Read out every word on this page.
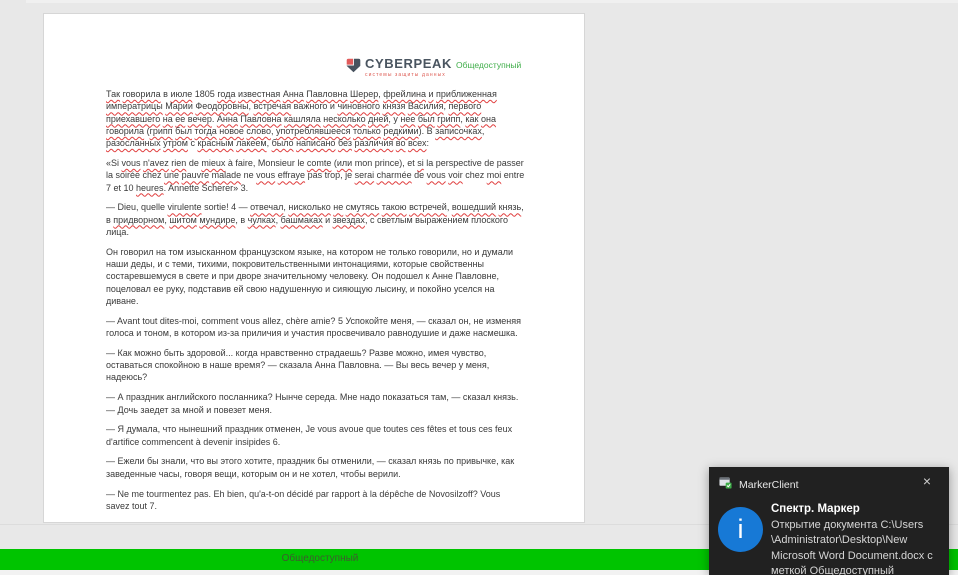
CYBERPEAK
системы защиты данных
Общедоступный

Так говорила в июле 1805 года известная Анна Павловна Шерер, фрейлина и приближенная императрицы Марии Феодоровны, встречая важного и чиновного князя Василия, первого приехавшего на ее вечер. Анна Павловна кашляла несколько дней, у нее был грипп, как она говорила (грипп был тогда новое слово, употреблявшееся только редкими). В записочках, разосланных утром с красным лакеем, было написано без различия во всех:

«Si vous n'avez rien de mieux à faire, Monsieur le comte (или mon prince), et si la perspective de passer la soirée chez une pauvre malade ne vous effraye pas trop, je serai charmée de vous voir chez moi entre 7 et 10 heures. Annette Scherer» 3.

— Dieu, quelle virulente sortie! 4 — отвечал, нисколько не смутясь такою встречей, вошедший князь, в придворном, шитом мундире, в чулках, башмаках и звездах, с светлым выражением плоского лица.

Он говорил на том изысканном французском языке, на котором не только говорили, но и думали наши деды, и с теми, тихими, покровительственными интонациями, которые свойственны состаревшемуся в свете и при дворе значительному человеку. Он подошел к Анне Павловне, поцеловал ее руку, подставив ей свою надушенную и сияющую лысину, и покойно уселся на диване.

— Avant tout dites-moi, comment vous allez, chère amie? 5 Успокойте меня, — сказал он, не изменяя голоса и тоном, в котором из-за приличия и участия просвечивало равнодушие и даже насмешка.

— Как можно быть здоровой... когда нравственно страдаешь? Разве можно, имея чувство, оставаться спокойною в наше время? — сказала Анна Павловна. — Вы весь вечер у меня, надеюсь?

— А праздник английского посланника? Нынче середа. Мне надо показаться там, — сказал князь. — Дочь заедет за мной и повезет меня.

— Я думала, что нынешний праздник отменен, Je vous avoue que toutes ces fêtes et tous ces feux d'artifice commencent à devenir insipides 6.

— Ежели бы знали, что вы этого хотите, праздник бы отменили, — сказал князь по привычке, как заведенные часы, говоря вещи, которым он и не хотел, чтобы верили.

— Ne me tourmentez pas. Eh bien, qu'a-t-on décidé par rapport à la dépêche de Novosilzoff? Vous savez tout 7.

Общедоступный
MarkerClient	×
i
Спектр. Маркер
Открытие документа C:\Users
\Administrator\Desktop\New
Microsoft Word Document.docx с
меткой Общедоступный
